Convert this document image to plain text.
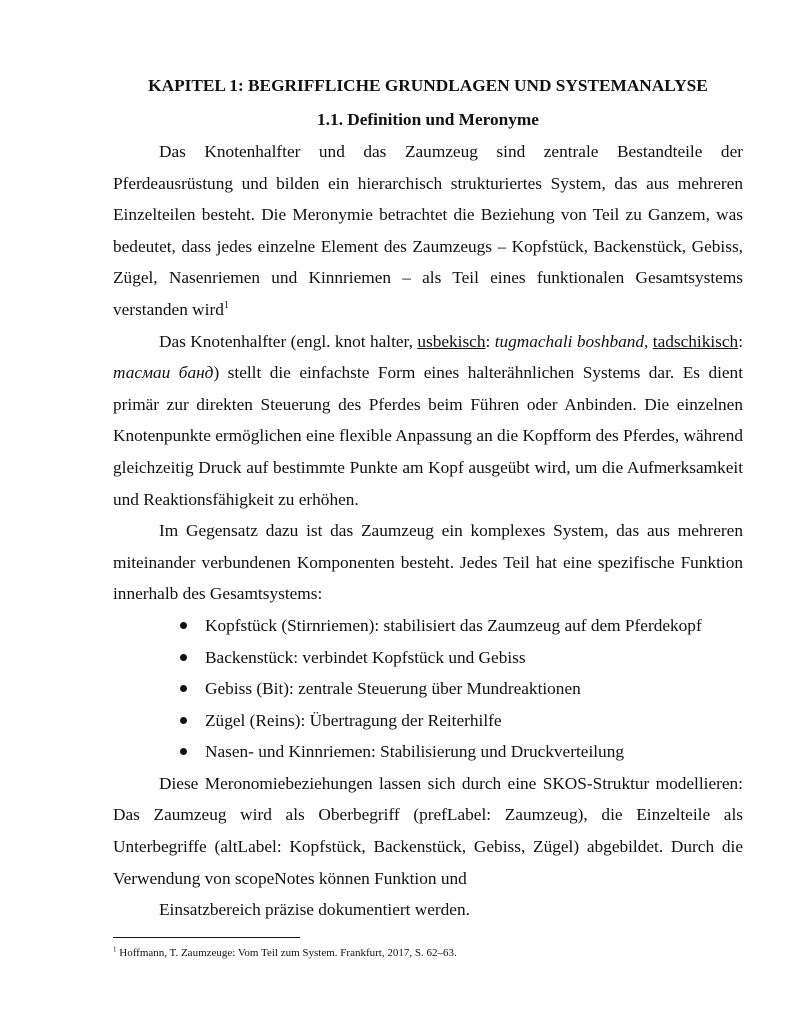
KAPITEL 1: BEGRIFFLICHE GRUNDLAGEN UND SYSTEMANALYSE
1.1. Definition und Meronyme

Das Knotenhalfter und das Zaumzeug sind zentrale Bestandteile der Pferdeausrüstung und bilden ein hierarchisch strukturiertes System, das aus mehreren Einzelteilen besteht. Die Meronymie betrachtet die Beziehung von Teil zu Ganzem, was bedeutet, dass jedes einzelne Element des Zaumzeugs – Kopfstück, Backenstück, Gebiss, Zügel, Nasenriemen und Kinnriemen – als Teil eines funktionalen Gesamtsystems verstanden wird$^1$

Das Knotenhalfter (engl. knot halter, usbekisch: tugmachali boshband, tadschikisch: тасмаи банд) stellt die einfachste Form eines halterähnlichen Systems dar. Es dient primär zur direkten Steuerung des Pferdes beim Führen oder Anbinden. Die einzelnen Knotenpunkte ermöglichen eine flexible Anpassung an die Kopfform des Pferdes, während gleichzeitig Druck auf bestimmte Punkte am Kopf ausgeübt wird, um die Aufmerksamkeit und Reaktionsfähigkeit zu erhöhen.

Im Gegensatz dazu ist das Zaumzeug ein komplexes System, das aus mehreren miteinander verbundenen Komponenten besteht. Jedes Teil hat eine spezifische Funktion innerhalb des Gesamtsystems:

Kopfstück (Stirnriemen): stabilisiert das Zaumzeug auf dem Pferdekopf
Backenstück: verbindet Kopfstück und Gebiss
Gebiss (Bit): zentrale Steuerung über Mundreaktionen
Zügel (Reins): Übertragung der Reiterhilfe
Nasen- und Kinnriemen: Stabilisierung und Druckverteilung

Diese Meronomiebeziehungen lassen sich durch eine SKOS-Struktur modellieren: Das Zaumzeug wird als Oberbegriff (prefLabel: Zaumzeug), die Einzelteile als Unterbegriffe (altLabel: Kopfstück, Backenstück, Gebiss, Zügel) abgebildet. Durch die Verwendung von scopeNotes können Funktion und

Einsatzbereich präzise dokumentiert werden.

$^1$ Hoffmann, T. Zaumzeuge: Vom Teil zum System. Frankfurt, 2017, S. 62–63.
